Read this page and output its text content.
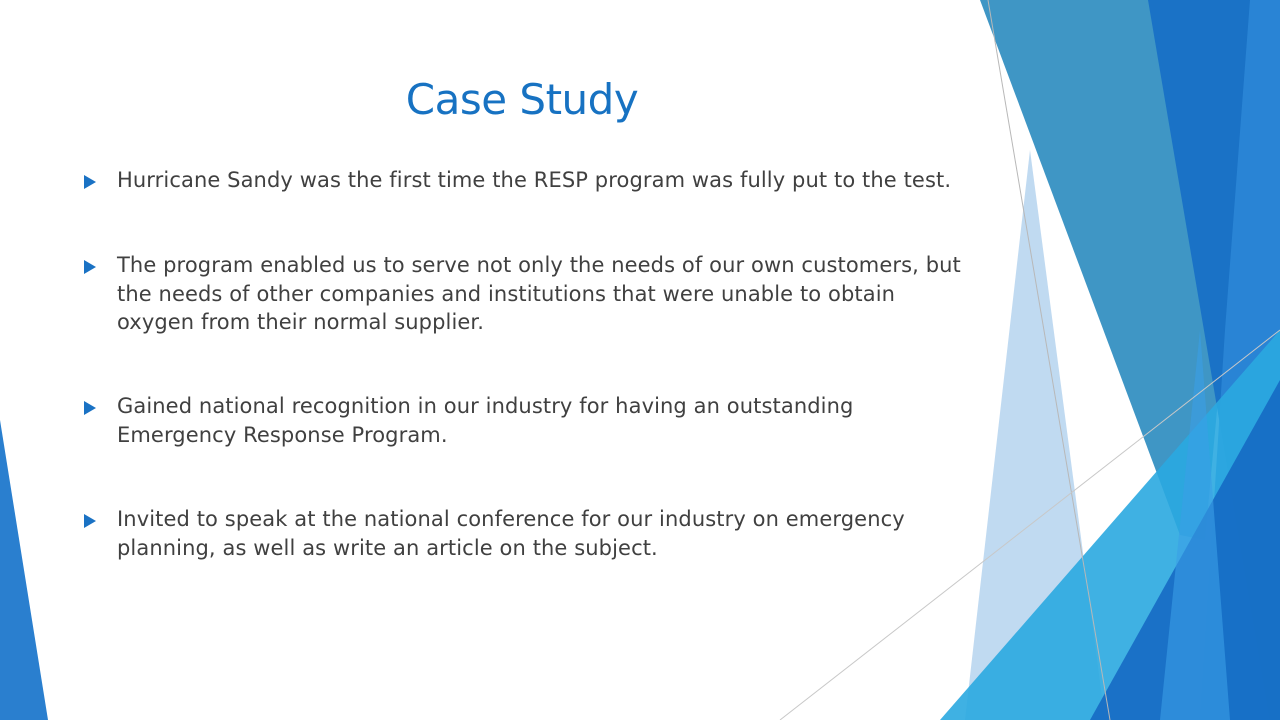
Case Study
Hurricane Sandy was the first time the RESP program was fully put to the test.
The program enabled us to serve not only the needs of our own customers, but the needs of other companies and institutions that were unable to obtain oxygen from their normal supplier.
Gained national recognition in our industry for having an outstanding Emergency Response Program.
Invited to speak at the national conference for our industry on emergency planning, as well as write an article on the subject.
